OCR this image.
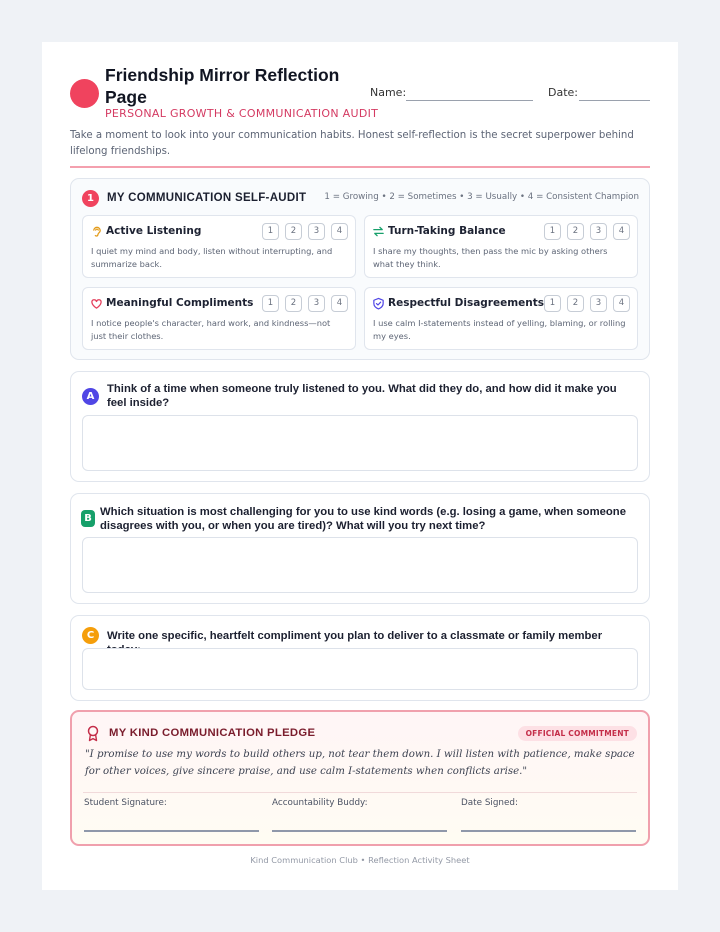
Friendship Mirror Reflection Page
PERSONAL GROWTH & COMMUNICATION AUDIT
Name:	Date:
Take a moment to look into your communication habits. Honest self-reflection is the secret superpower behind lifelong friendships.
1	MY COMMUNICATION SELF-AUDIT 1 = Growing • 2 = Sometimes • 3 = Usually • 4 = Consistent Champion
Active Listening	1	2	3	4
I quiet my mind and body, listen without interrupting, and summarize back.
Turn-Taking Balance	1	2	3	4
I share my thoughts, then pass the mic by asking others what they think.
Meaningful Compliments	1	2	3	4
I notice people's character, hard work, and kindness—not just their clothes.
Respectful Disagreements 1	2	3	4
I use calm I-statements instead of yelling, blaming, or rolling my eyes.
A
Think of a time when someone truly listened to you. What did they do, and how did it make you feel inside?
B
Which situation is most challenging for you to use kind words (e.g. losing a game, when someone disagrees with you, or when you are tired)? What will you try next time?
C	Write one specific, heartfelt compliment you plan to deliver to a classmate or family member
MY KIND COMMUNICATION PLEDGE	OFFICIAL COMMITMENT
"I promise to use my words to build others up, not tear them down. I will listen with patience, make space for other voices, give sincere praise, and use calm I-statements when conflicts arise."
Student Signature:	Accountability Buddy:	Date Signed:
Kind Communication Club • Reflection Activity Sheet
